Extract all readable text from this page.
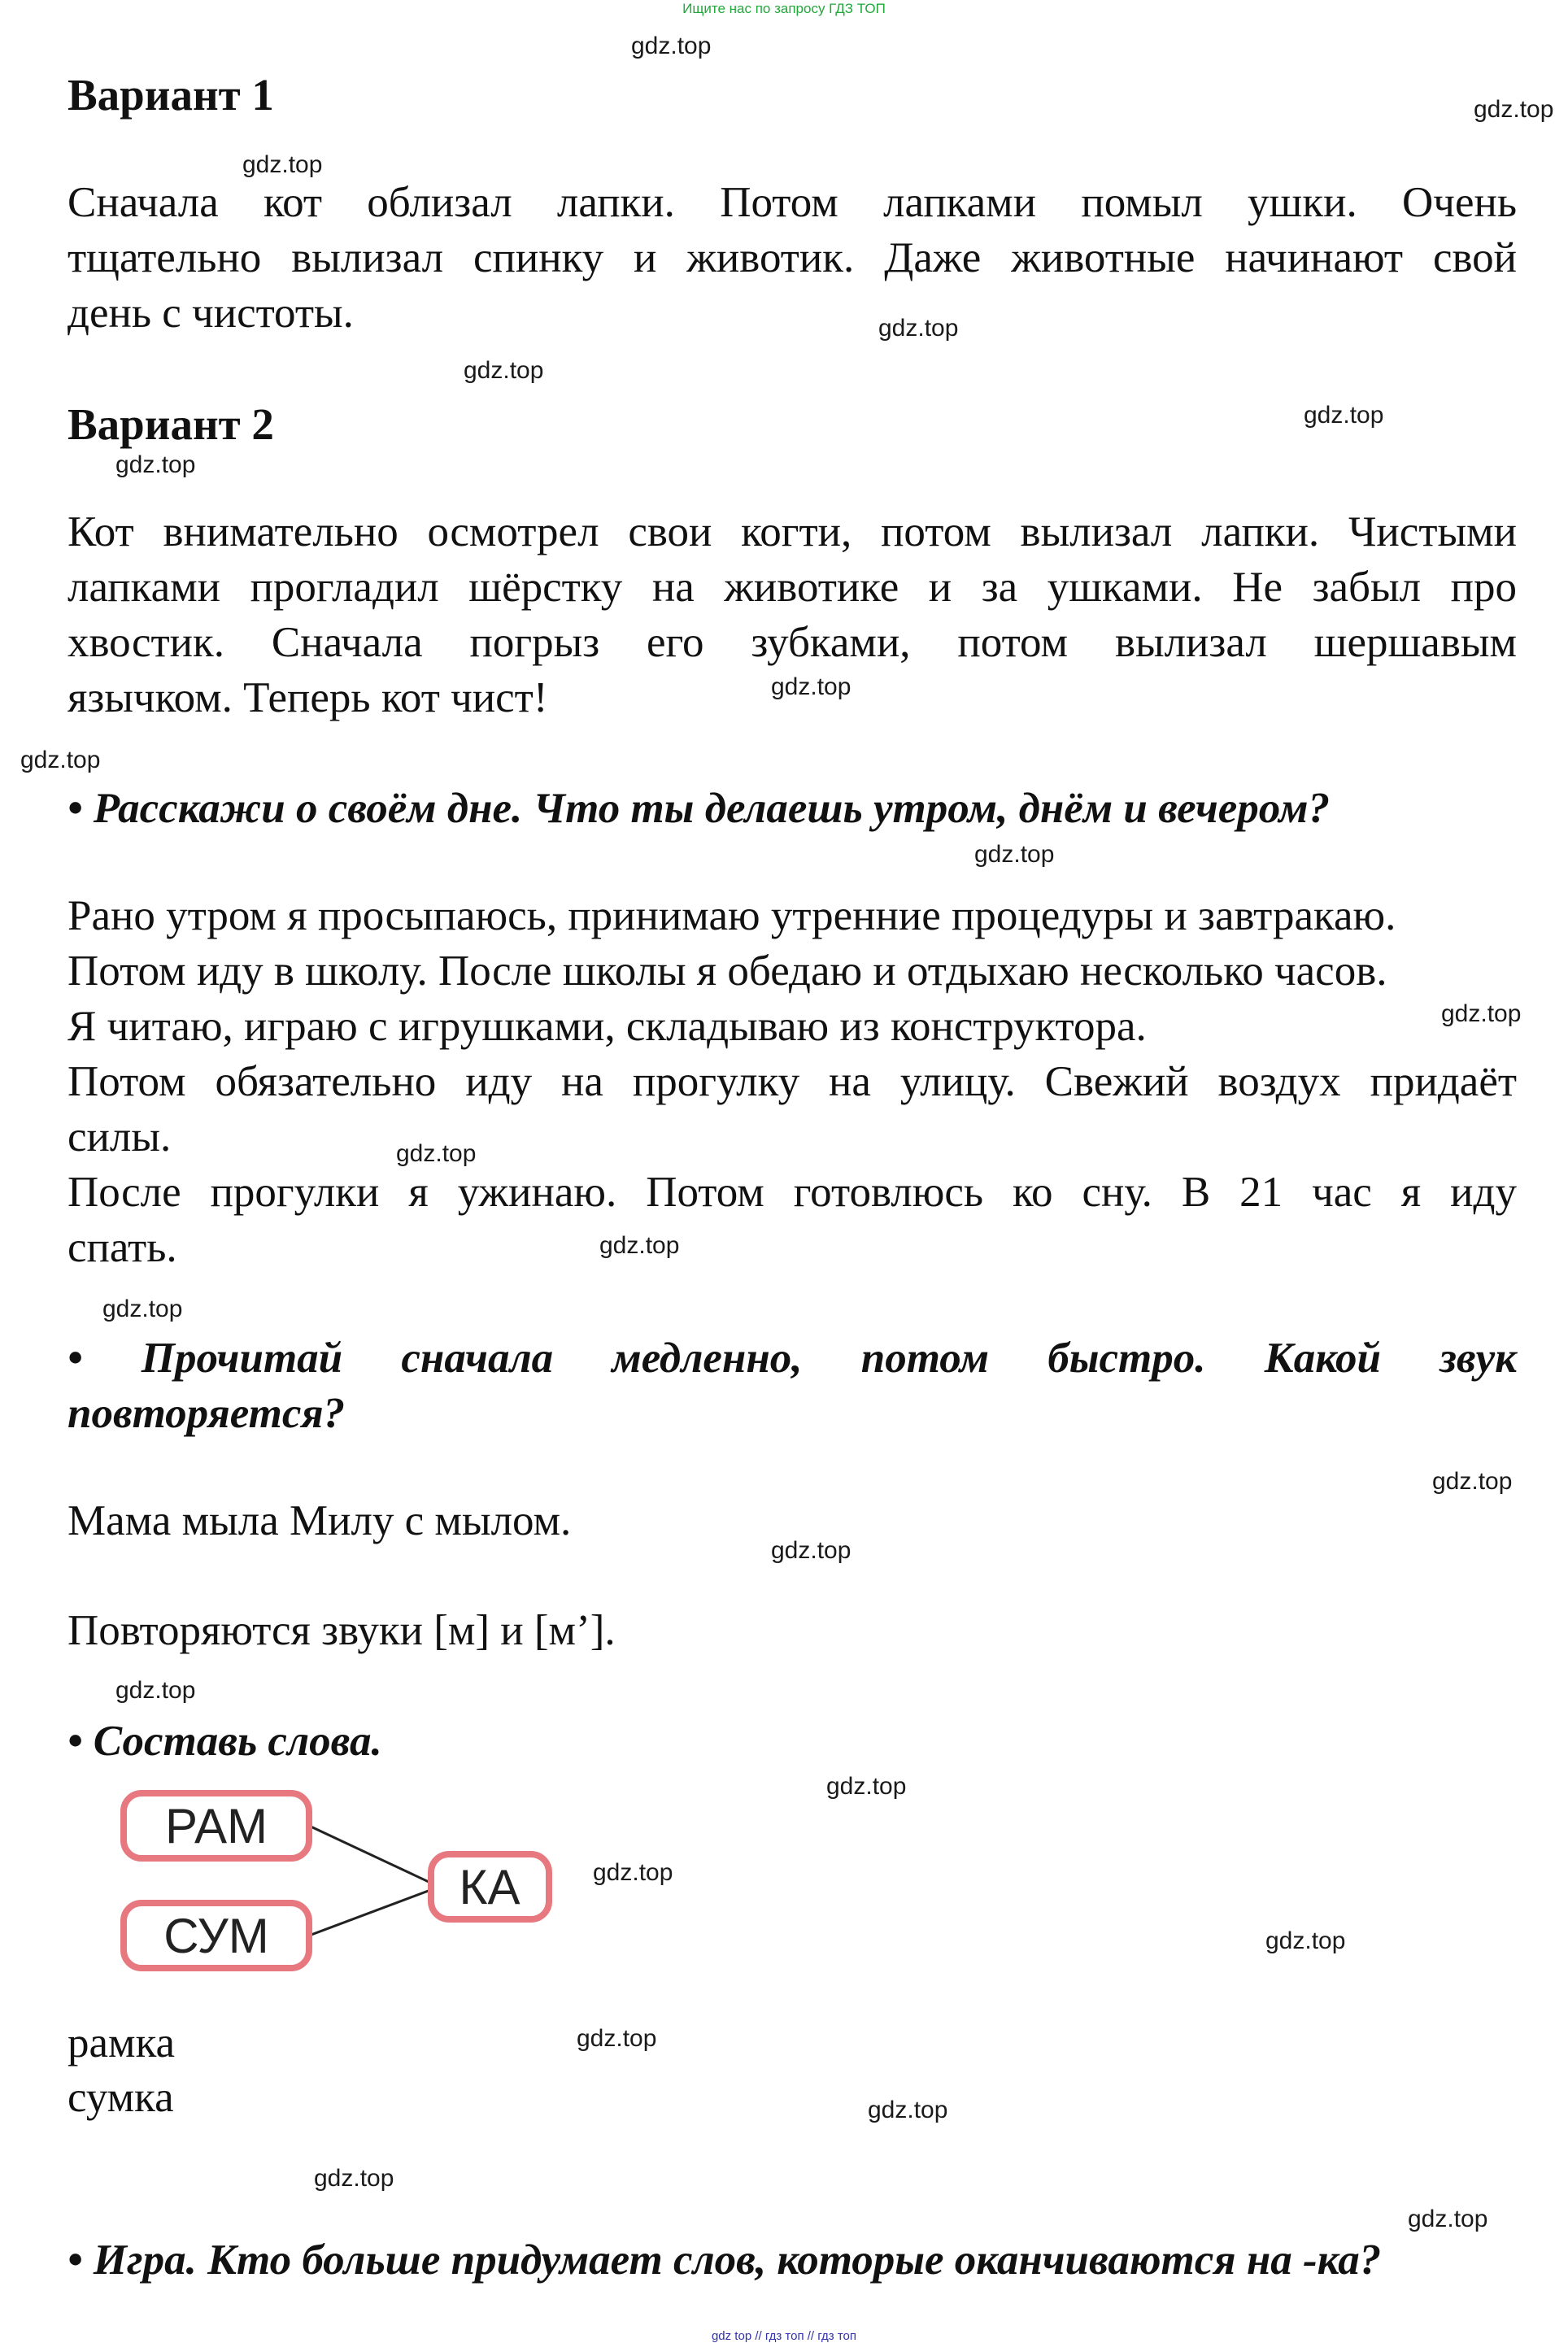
Ищите нас по запросу ГДЗ ТОП
Вариант 1
Сначала кот облизал лапки. Потом лапками помыл ушки. Очень
тщательно вылизал спинку и животик. Даже животные начинают свой
день с чистоты.
Вариант 2
Кот внимательно осмотрел свои когти, потом вылизал лапки. Чистыми
лапками прогладил шёрстку на животике и за ушками. Не забыл про
хвостик. Сначала погрыз его зубками, потом вылизал шершавым
язычком. Теперь кот чист!
• Расскажи о своём дне. Что ты делаешь утром, днём и вечером?
Рано утром я просыпаюсь, принимаю утренние процедуры и завтракаю.
Потом иду в школу. После школы я обедаю и отдыхаю несколько часов.
Я читаю, играю с игрушками, складываю из конструктора.
Потом обязательно иду на прогулку на улицу. Свежий воздух придаёт
силы.
После прогулки я ужинаю. Потом готовлюсь ко сну. В 21 час я иду
спать.
• Прочитай сначала медленно, потом быстро. Какой звук
повторяется?
Мама мыла Милу с мылом.
Повторяются звуки [м] и [м’].
• Составь слова.
РАМ
СУМ
КА
рамка
сумка
• Игра. Кто больше придумает слов, которые оканчиваются на -ка?
gdz.top
gdz.top
gdz.top
gdz.top
gdz.top
gdz.top
gdz.top
gdz.top
gdz.top
gdz.top
gdz.top
gdz.top
gdz.top
gdz.top
gdz.top
gdz.top
gdz.top
gdz.top
gdz.top
gdz.top
gdz.top
gdz.top
gdz.top
gdz.top
gdz top // гдз топ // гдз топ
